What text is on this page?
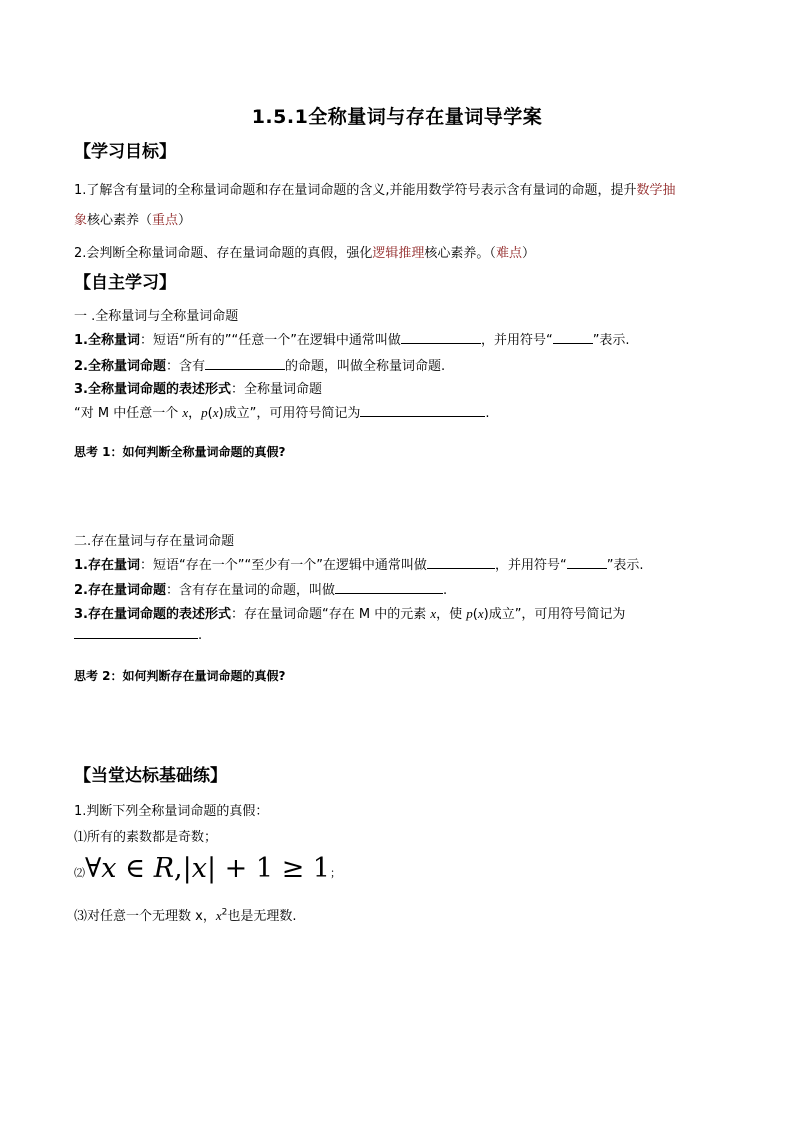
1.5.1全称量词与存在量词导学案
【学习目标】
1.了解含有量词的全称量词命题和存在量词命题的含义,并能用数学符号表示含有量词的命题，提升数学抽
象核心素养（重点）
2.会判断全称量词命题、存在量词命题的真假，强化逻辑推理核心素养。（难点）
【自主学习】
一 .全称量词与全称量词命题
1.全称量词：短语“所有的”“任意一个”在逻辑中通常叫做	，并用符号“	”表示.
2.全称量词命题：含有	的命题，叫做全称量词命题.
3.全称量词命题的表述形式：全称量词命题
“对 M 中任意一个 x，p(x)成立”，可用符号简记为	.
思考 1：如何判断全称量词命题的真假?
二.存在量词与存在量词命题
1.存在量词：短语“存在一个”“至少有一个”在逻辑中通常叫做	，并用符号“	”表示.
2.存在量词命题：含有存在量词的命题，叫做	.
3.存在量词命题的表述形式：存在量词命题“存在 M 中的元素 x，使 p(x)成立”，可用符号简记为
.
思考 2：如何判断存在量词命题的真假?
【当堂达标基础练】
1.判断下列全称量词命题的真假：
⑴所有的素数都是奇数；
⑵∀x ∈ R,|x| + 1 ≥ 1；
⑶对任意一个无理数 x，$x^2$也是无理数.
